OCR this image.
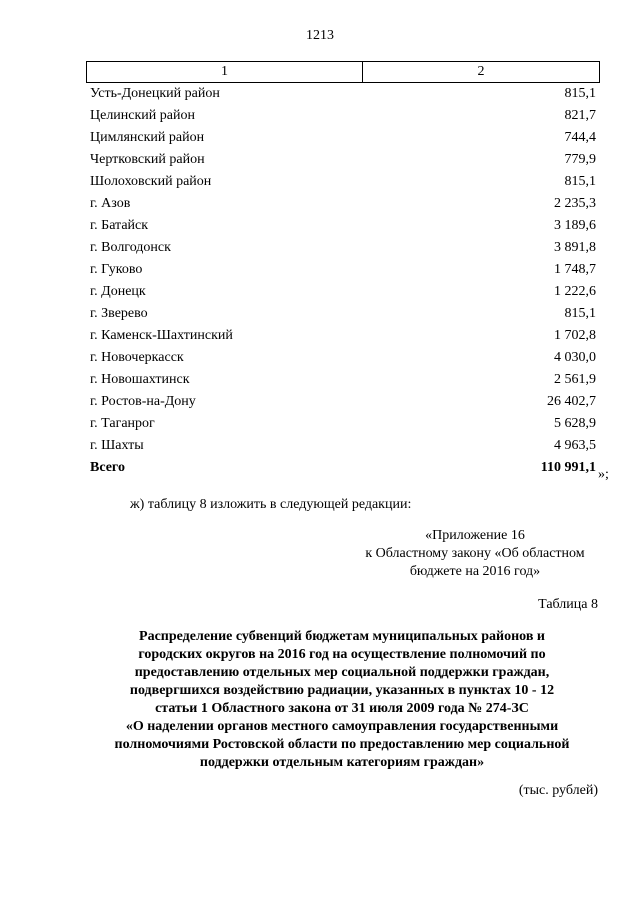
1213
1	2
Усть-Донецкий район	815,1
Целинский район	821,7
Цимлянский район	744,4
Чертковский район	779,9
Шолоховский район	815,1
г. Азов	2 235,3
г. Батайск	3 189,6
г. Волгодонск	3 891,8
г. Гуково	1 748,7
г. Донецк	1 222,6
г. Зверево	815,1
г. Каменск-Шахтинский	1 702,8
г. Новочеркасск	4 030,0
г. Новошахтинск	2 561,9
г. Ростов-на-Дону	26 402,7
г. Таганрог	5 628,9
г. Шахты	4 963,5
Всего	110 991,1 »;
ж) таблицу 8 изложить в следующей редакции:
«Приложение 16
к Областному закону «Об областном
бюджете на 2016 год»
Таблица 8
Распределение субвенций бюджетам муниципальных районов и
городских округов на 2016 год на осуществление полномочий по
предоставлению отдельных мер социальной поддержки граждан,
подвергшихся воздействию радиации, указанных в пунктах 10 - 12
статьи 1 Областного закона от 31 июля 2009 года № 274-ЗС
«О наделении органов местного самоуправления государственными
полномочиями Ростовской области по предоставлению мер социальной
поддержки отдельным категориям граждан»
(тыс. рублей)
